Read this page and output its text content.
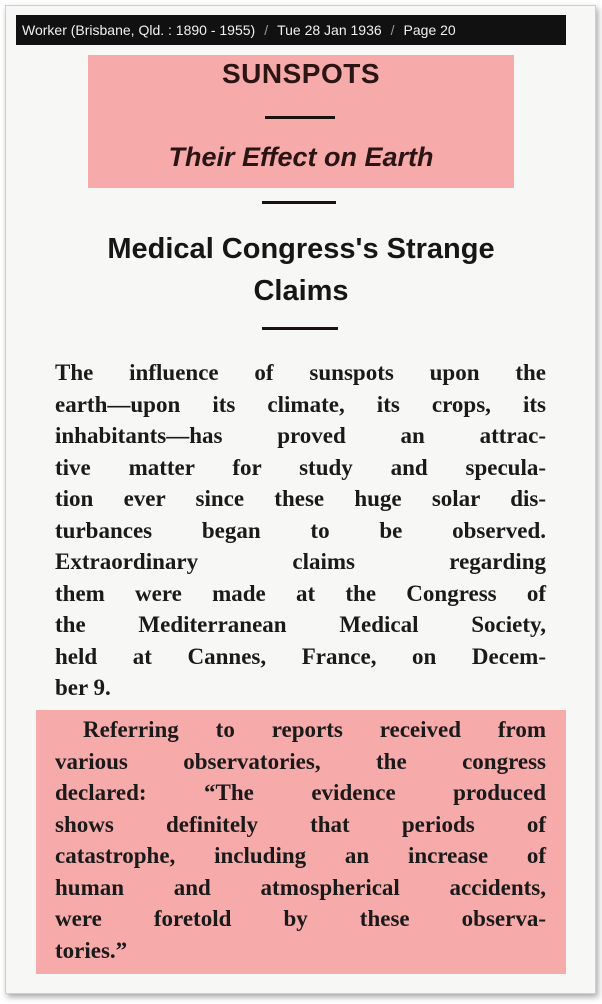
Worker (Brisbane, Qld. : 1890 - 1955) / Tue 28 Jan 1936 / Page 20
SUNSPOTS
Their Effect on Earth
Medical Congress's Strange
Claims
The influence of sunspots upon the
earth—upon its climate, its crops, its
inhabitants—has proved an attrac-
tive matter for study and specula-
tion ever since these huge solar dis-
turbances began to be observed.
Extraordinary claims regarding
them were made at the Congress of
the Mediterranean Medical Society,
held at Cannes, France, on Decem-
ber 9.
Referring to reports received from
various observatories, the congress
declared: “The evidence produced
shows definitely that periods of
catastrophe, including an increase of
human and atmospherical accidents,
were foretold by these observa-
tories.”
